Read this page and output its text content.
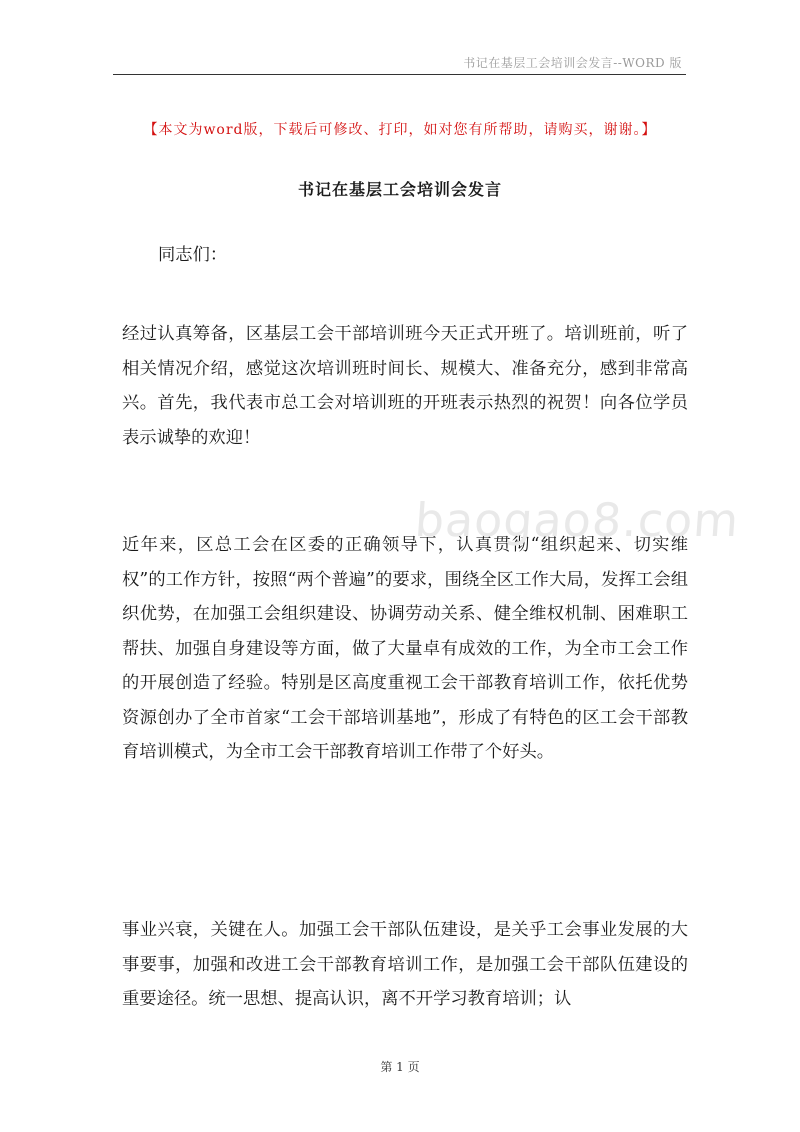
书记在基层工会培训会发言--WORD 版
【本文为word版，下载后可修改、打印，如对您有所帮助，请购买，谢谢。】
书记在基层工会培训会发言

同志们：

经过认真筹备，区基层工会干部培训班今天正式开班了。培训班前，听了相关情况介绍，感觉这次培训班时间长、规模大、准备充分，感到非常高兴。首先，我代表市总工会对培训班的开班表示热烈的祝贺！向各位学员表示诚挚的欢迎！

近年来，区总工会在区委的正确领导下，认真贯彻“组织起来、切实维权”的工作方针，按照“两个普遍”的要求，围绕全区工作大局，发挥工会组织优势，在加强工会组织建设、协调劳动关系、健全维权机制、困难职工帮扶、加强自身建设等方面，做了大量卓有成效的工作，为全市工会工作的开展创造了经验。特别是区高度重视工会干部教育培训工作，依托优势资源创办了全市首家“工会干部培训基地”，形成了有特色的区工会干部教育培训模式，为全市工会干部教育培训工作带了个好头。

事业兴衰，关键在人。加强工会干部队伍建设，是关乎工会事业发展的大事要事，加强和改进工会干部教育培训工作，是加强工会干部队伍建设的重要途径。统一思想、提高认识，离不开学习教育培训；认

baogao8.com
第 1 页
